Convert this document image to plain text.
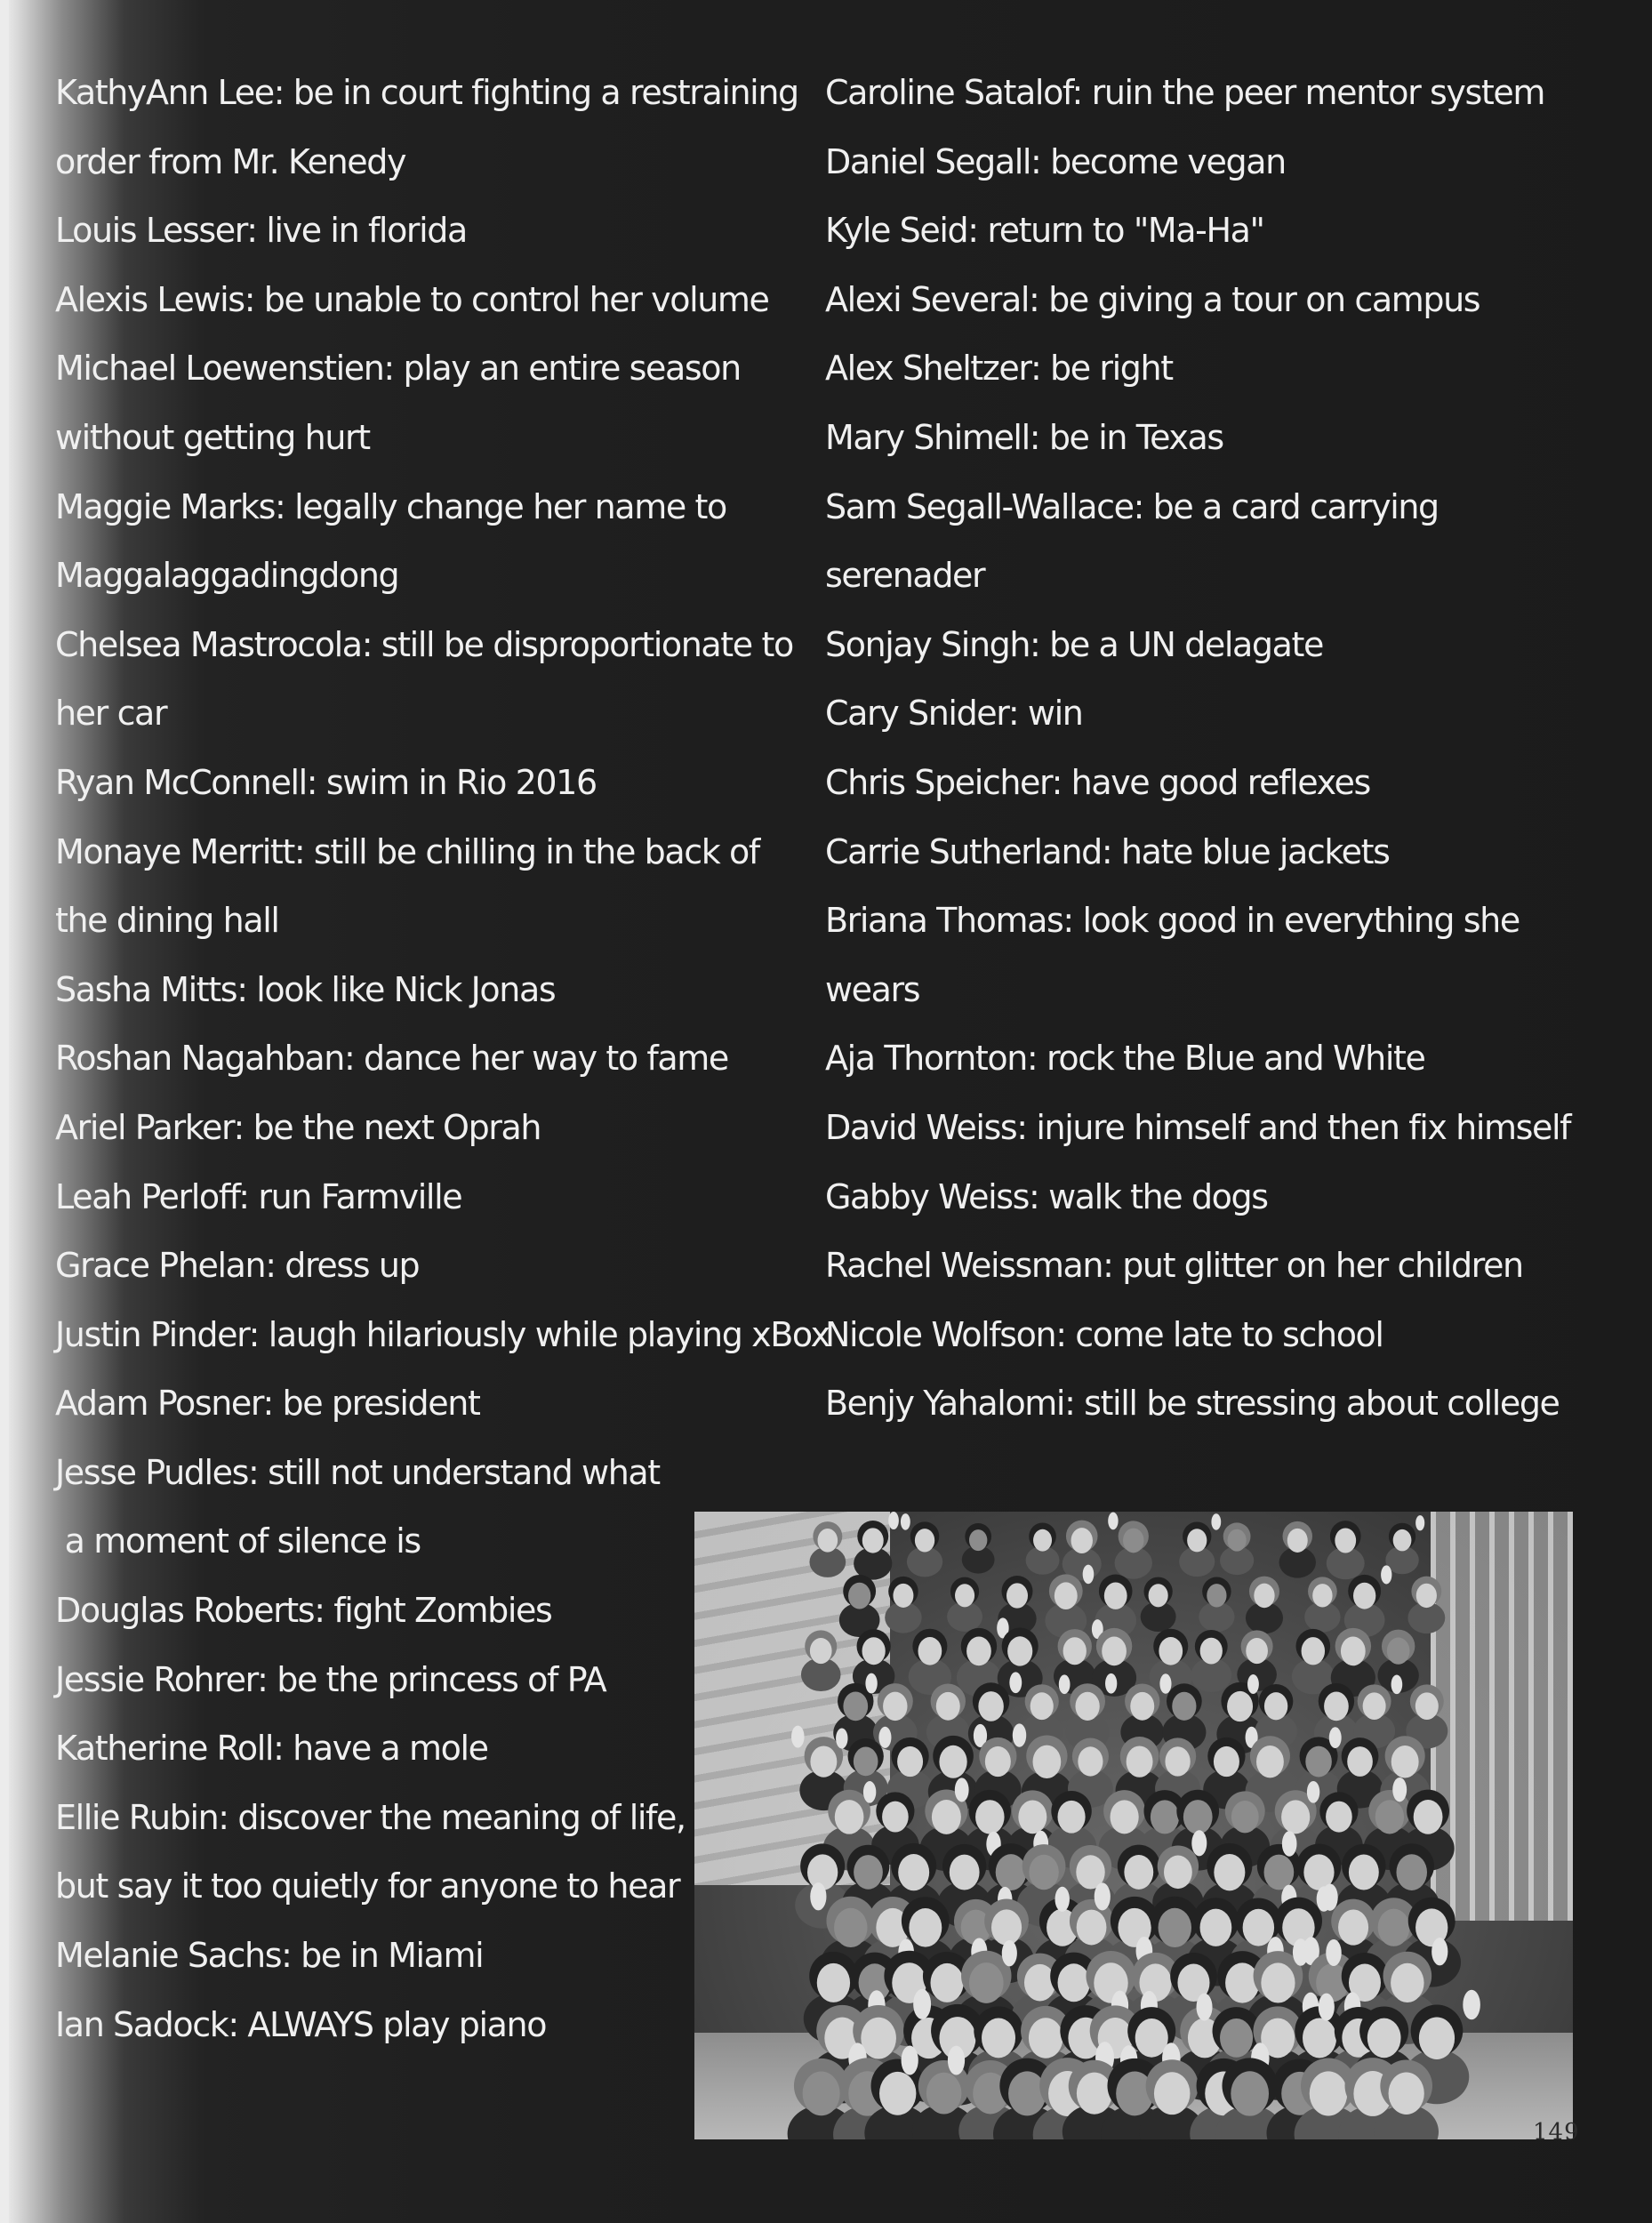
KathyAnn Lee: be in court fighting a restraining
order from Mr. Kenedy
Louis Lesser: live in florida
Alexis Lewis: be unable to control her volume
Michael Loewenstien: play an entire season
without getting hurt
Maggie Marks: legally change her name to
Maggalaggadingdong
Chelsea Mastrocola: still be disproportionate to
her car
Ryan McConnell: swim in Rio 2016
Monaye Merritt: still be chilling in the back of
the dining hall
Sasha Mitts: look like Nick Jonas
Roshan Nagahban: dance her way to fame
Ariel Parker: be the next Oprah
Leah Perloff: run Farmville
Grace Phelan: dress up
Justin Pinder: laugh hilariously while playing xBox
Adam Posner: be president
Jesse Pudles: still not understand what
a moment of silence is
Douglas Roberts: fight Zombies
Jessie Rohrer: be the princess of PA
Katherine Roll: have a mole
Ellie Rubin: discover the meaning of life,
but say it too quietly for anyone to hear
Melanie Sachs: be in Miami
Ian Sadock: ALWAYS play piano
Caroline Satalof: ruin the peer mentor system
Daniel Segall: become vegan
Kyle Seid: return to "Ma-Ha"
Alexi Several: be giving a tour on campus
Alex Sheltzer: be right
Mary Shimell: be in Texas
Sam Segall-Wallace: be a card carrying
serenader
Sonjay Singh: be a UN delagate
Cary Snider: win
Chris Speicher: have good reflexes
Carrie Sutherland: hate blue jackets
Briana Thomas: look good in everything she
wears
Aja Thornton: rock the Blue and White
David Weiss: injure himself and then fix himself
Gabby Weiss: walk the dogs
Rachel Weissman: put glitter on her children
Nicole Wolfson: come late to school
Benjy Yahalomi: still be stressing about college
149
